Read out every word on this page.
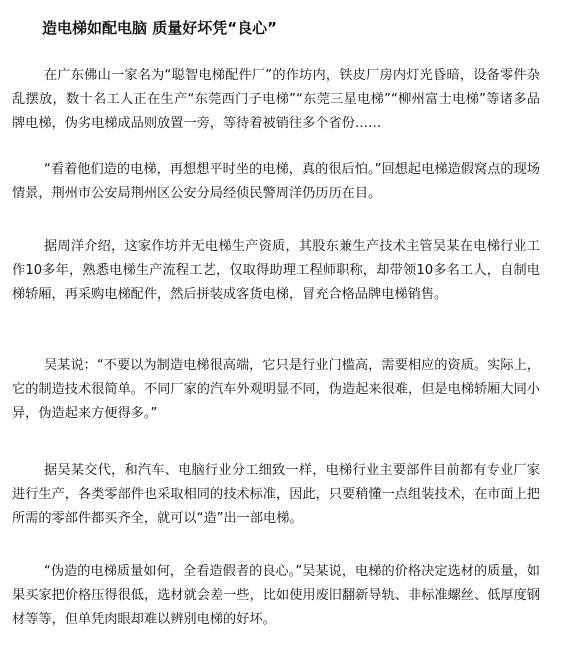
造电梯如配电脑 质量好坏凭“良心”

在广东佛山一家名为“聪智电梯配件厂”的作坊内，铁皮厂房内灯光昏暗，设备零件杂乱摆放，数十名工人正在生产“东莞西门子电梯”“东莞三星电梯”“柳州富士电梯”等诸多品牌电梯，伪劣电梯成品则放置一旁，等待着被销往多个省份……

“看着他们造的电梯，再想想平时坐的电梯，真的很后怕。”回想起电梯造假窝点的现场情景，荆州市公安局荆州区公安分局经侦民警周洋仍历历在目。

据周洋介绍，这家作坊并无电梯生产资质，其股东兼生产技术主管吴某在电梯行业工作10多年，熟悉电梯生产流程工艺，仅取得助理工程师职称，却带领10多名工人，自制电梯轿厢，再采购电梯配件，然后拼装成客货电梯，冒充合格品牌电梯销售。

吴某说：“不要以为制造电梯很高端，它只是行业门槛高，需要相应的资质。实际上，它的制造技术很简单。不同厂家的汽车外观明显不同，伪造起来很难，但是电梯轿厢大同小异，伪造起来方便得多。”

据吴某交代，和汽车、电脑行业分工细致一样，电梯行业主要部件目前都有专业厂家进行生产，各类零部件也采取相同的技术标准，因此，只要稍懂一点组装技术，在市面上把所需的零部件都买齐全，就可以“造”出一部电梯。

“伪造的电梯质量如何，全看造假者的良心。”吴某说，电梯的价格决定选材的质量，如果买家把价格压得很低，选材就会差一些，比如使用废旧翻新导轨、非标准螺丝、低厚度钢材等等，但单凭肉眼却难以辨别电梯的好坏。
